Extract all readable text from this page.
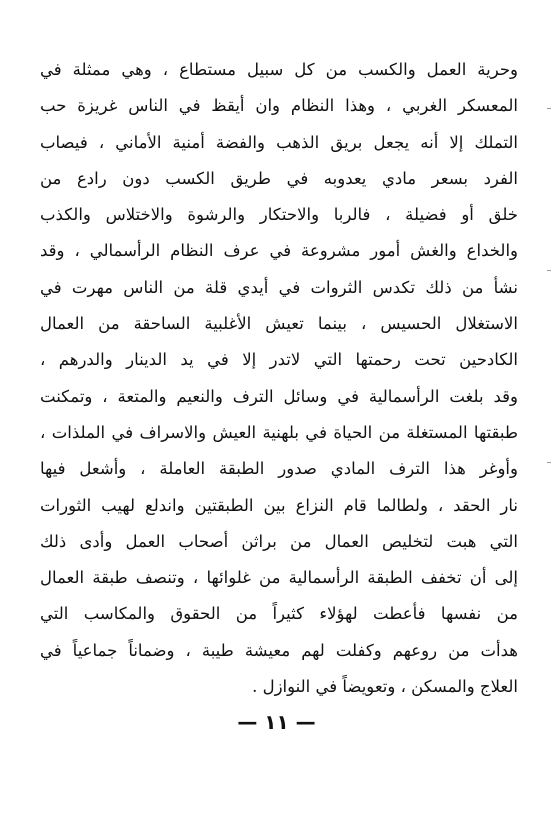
وحرية العمل والكسب من كل سبيل مستطاع ، وهي ممثلة في
المعسكر الغربي ، وهذا النظام وان أيقظ في الناس غريزة حب
التملك إلا أنه يجعل بريق الذهب والفضة أمنية الأماني ، فيصاب
الفرد بسعر مادي يعدوبه في طريق الكسب دون رادع من
خلق أو فضيلة ، فالربا والاحتكار والرشوة والاختلاس والكذب
والخداع والغش أمور مشروعة في عرف النظام الرأسمالي ، وقد
نشأ من ذلك تكدس الثروات في أيدي قلة من الناس مهرت في
الاستغلال الحسيس ، بينما تعيش الأغلبية الساحقة من العمال
الكادحين تحت رحمتها التي لاتدر إلا في يد الدينار والدرهم ،
وقد بلغت الرأسمالية في وسائل الترف والنعيم والمتعة ، وتمكنت
طبقتها المستغلة من الحياة في بلهنية العيش والاسراف في الملذات ،
وأوغر هذا الترف المادي صدور الطبقة العاملة ، وأشعل فيها
نار الحقد ، ولطالما قام النزاع بين الطبقتين واندلع لهيب الثورات
التي هبت لتخليص العمال من براثن أصحاب العمل وأدى ذلك
إلى أن تخفف الطبقة الرأسمالية من غلوائها ، وتنصف طبقة العمال
من نفسها فأعطت لهؤلاء كثيراً من الحقوق والمكاسب التي
هدأت من روعهم وكفلت لهم معيشة طيبة ، وضماناً جماعياً في
العلاج والمسكن ، وتعويضاً في النوازل .
— ١١ —
